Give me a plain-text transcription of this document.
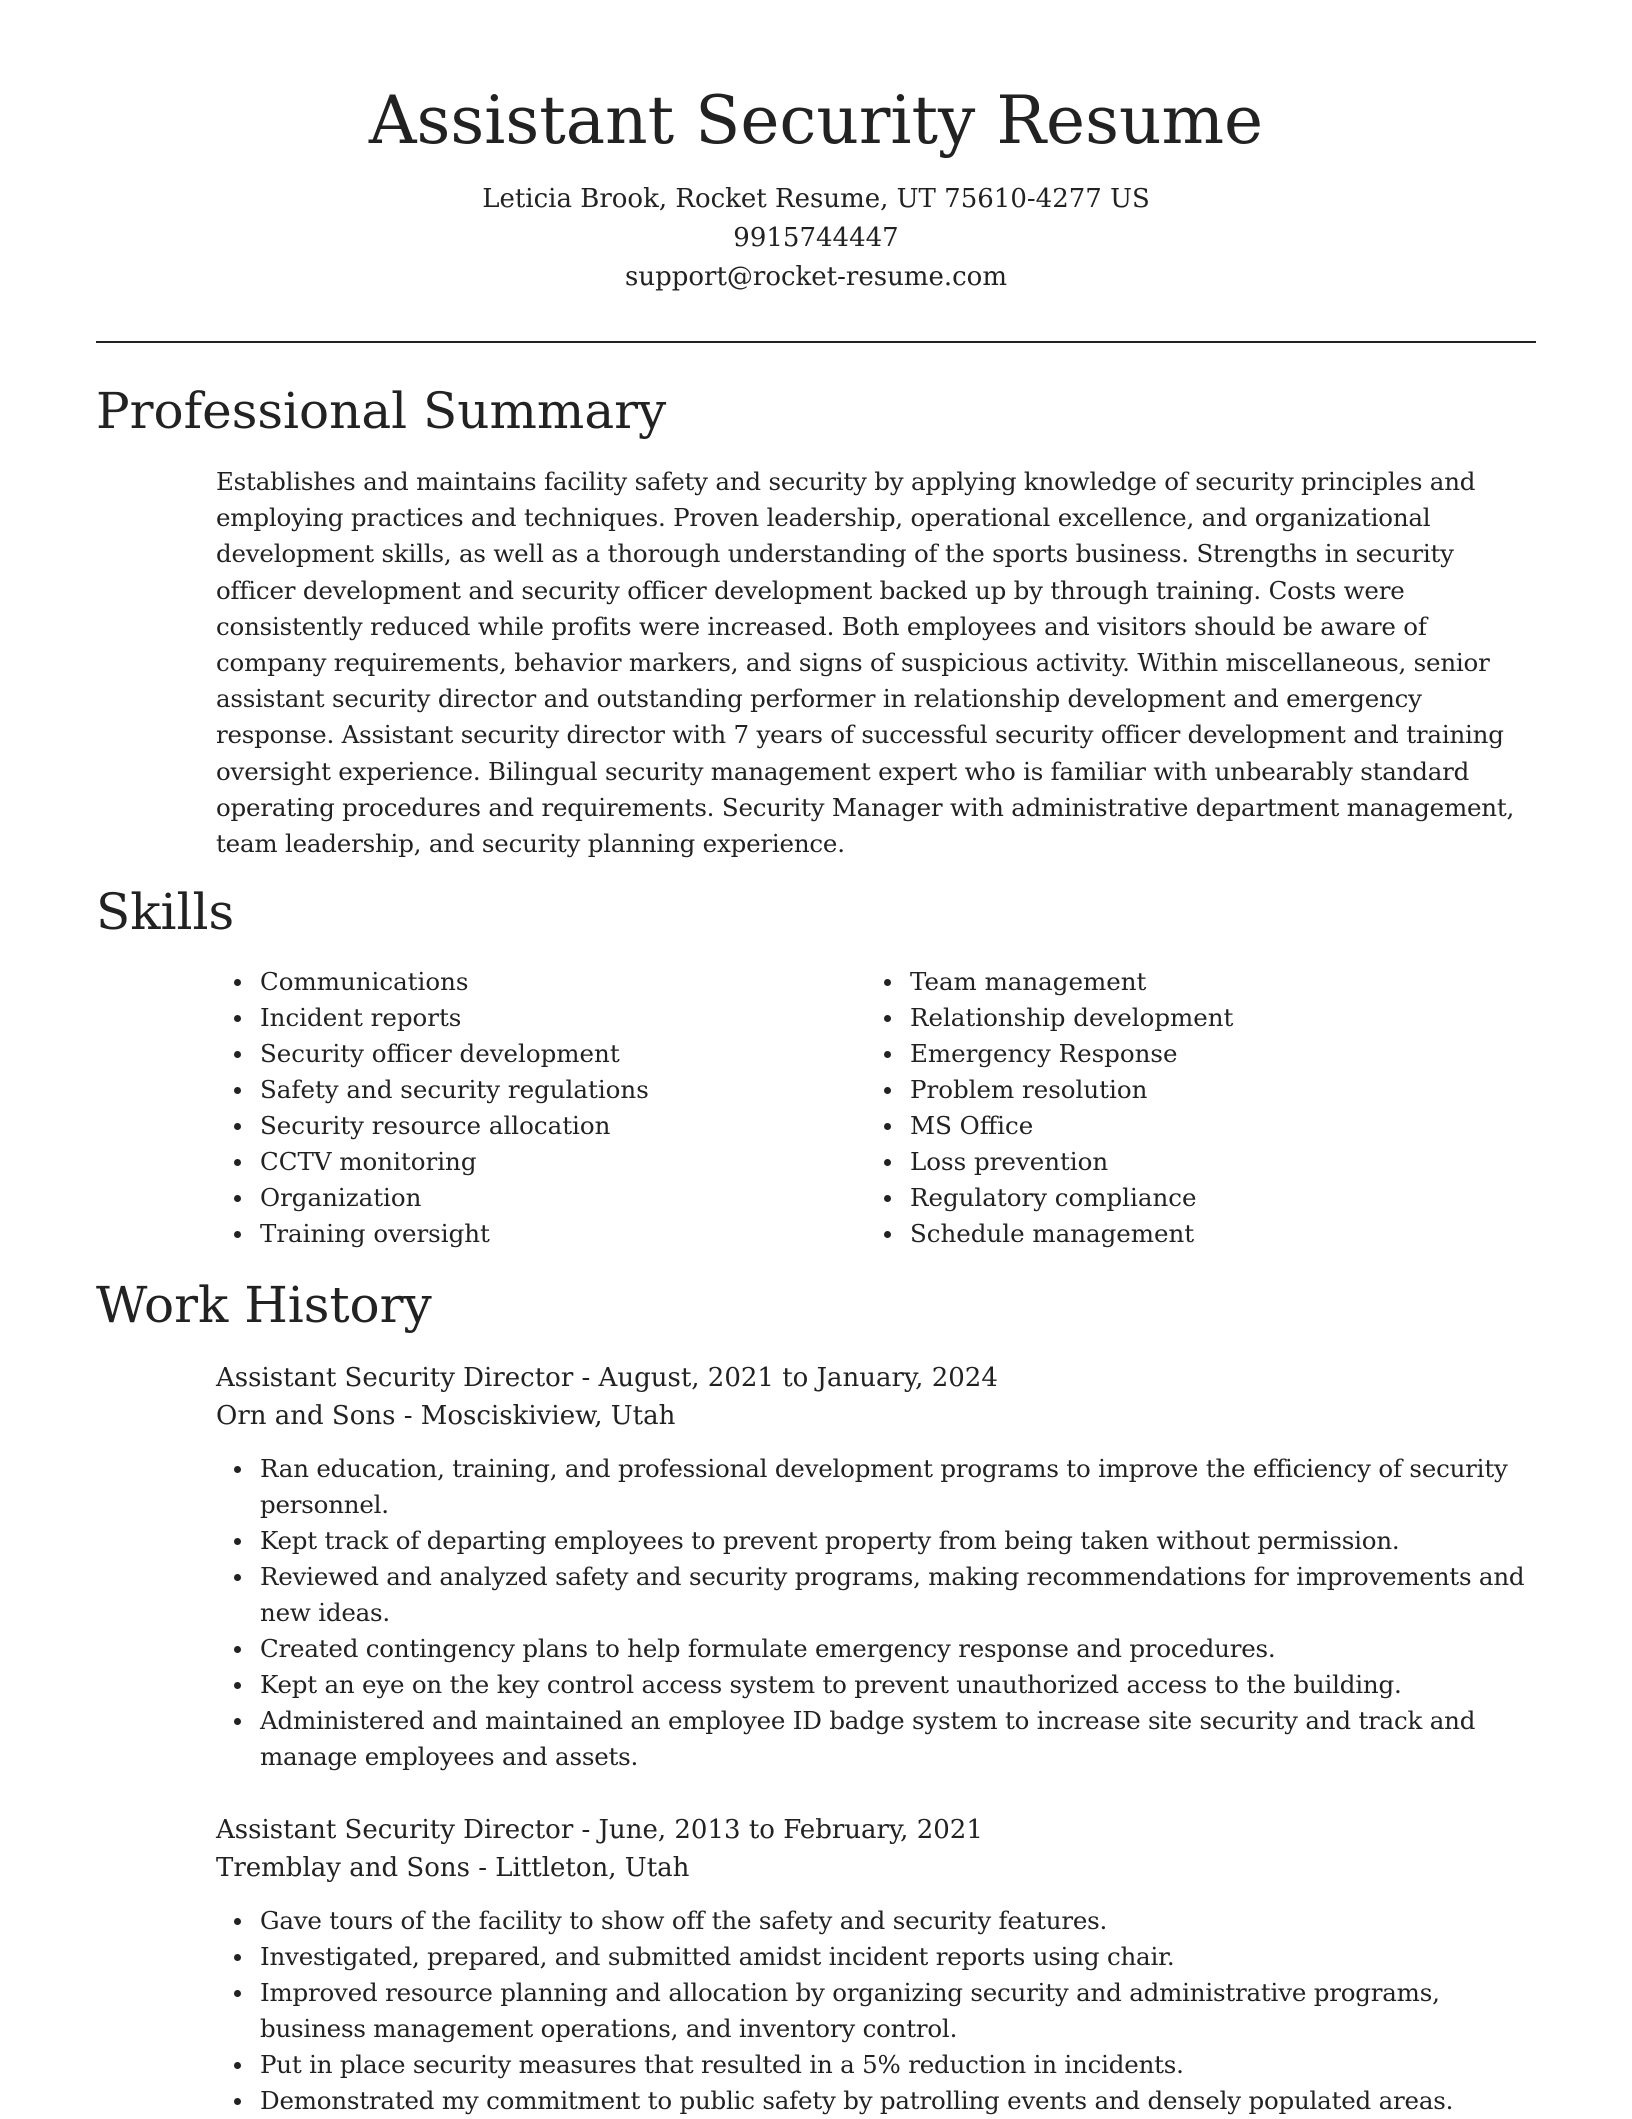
Assistant Security Resume
Leticia Brook, Rocket Resume, UT 75610-4277 US
9915744447
support@rocket-resume.com
Professional Summary

Establishes and maintains facility safety and security by applying knowledge of security principles and employing practices and techniques. Proven leadership, operational excellence, and organizational development skills, as well as a thorough understanding of the sports business. Strengths in security officer development and security officer development backed up by through training. Costs were consistently reduced while profits were increased. Both employees and visitors should be aware of company requirements, behavior markers, and signs of suspicious activity. Within miscellaneous, senior assistant security director and outstanding performer in relationship development and emergency response. Assistant security director with 7 years of successful security officer development and training oversight experience. Bilingual security management expert who is familiar with unbearably standard operating procedures and requirements. Security Manager with administrative department management, team leadership, and security planning experience.

Skills
Communications
Incident reports
Security officer development
Safety and security regulations
Security resource allocation
CCTV monitoring
Organization
Training oversight
Team management
Relationship development
Emergency Response
Problem resolution
MS Office
Loss prevention
Regulatory compliance
Schedule management
Work History
Assistant Security Director - August, 2021 to January, 2024
Orn and Sons - Mosciskiview, Utah
Ran education, training, and professional development programs to improve the efficiency of security personnel.
Kept track of departing employees to prevent property from being taken without permission.
Reviewed and analyzed safety and security programs, making recommendations for improvements and new ideas.
Created contingency plans to help formulate emergency response and procedures.
Kept an eye on the key control access system to prevent unauthorized access to the building.
Administered and maintained an employee ID badge system to increase site security and track and manage employees and assets.
Assistant Security Director - June, 2013 to February, 2021
Tremblay and Sons - Littleton, Utah
Gave tours of the facility to show off the safety and security features.
Investigated, prepared, and submitted amidst incident reports using chair.
Improved resource planning and allocation by organizing security and administrative programs, business management operations, and inventory control.
Put in place security measures that resulted in a 5% reduction in incidents.
Demonstrated my commitment to public safety by patrolling events and densely populated areas.
